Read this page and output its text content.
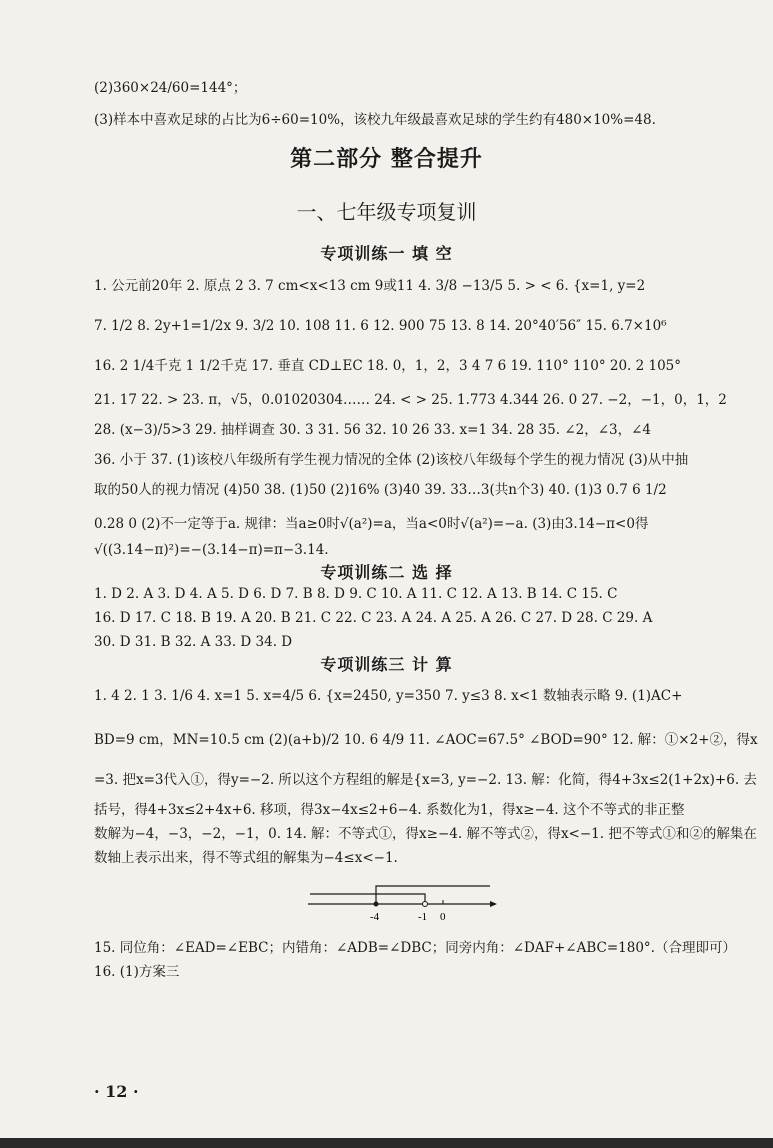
(2)360×24/60=144°；
(3)样本中喜欢足球的占比为6÷60=10%，该校九年级最喜欢足球的学生约有480×10%=48.
第二部分 整合提升
一、七年级专项复训
专项训练一 填 空
1. 公元前20年 2. 原点 2 3. 7 cm<x<13 cm 9或11 4. 3/8 −13/5 5. > < 6. {x=1, y=2
7. 1/2 8. 2y+1=1/2x 9. 3/2 10. 108 11. 6 12. 900 75 13. 8 14. 20°40′56″ 15. 6.7×10⁶
16. 2 1/4千克 1 1/2千克 17. 垂直 CD⊥EC 18. 0，1，2，3 4 7 6 19. 110° 110° 20. 2 105°
21. 17 22. > 23. π，√5，0.01020304…… 24. < > 25. 1.773 4.344 26. 0 27. −2，−1，0，1，2
28. (x−3)/5>3 29. 抽样调查 30. 3 31. 56 32. 10 26 33. x=1 34. 28 35. ∠2，∠3，∠4
36. 小于 37. (1)该校八年级所有学生视力情况的全体 (2)该校八年级每个学生的视力情况 (3)从中抽
取的50人的视力情况 (4)50 38. (1)50 (2)16% (3)40 39. 33…3(共n个3) 40. (1)3 0.7 6 1/2
0.28 0 (2)不一定等于a. 规律：当a≥0时√(a²)=a，当a<0时√(a²)=−a. (3)由3.14−π<0得
√((3.14−π)²)=−(3.14−π)=π−3.14.
专项训练二 选 择
1. D 2. A 3. D 4. A 5. D 6. D 7. B 8. D 9. C 10. A 11. C 12. A 13. B 14. C 15. C
16. D 17. C 18. B 19. A 20. B 21. C 22. C 23. A 24. A 25. A 26. C 27. D 28. C 29. A
30. D 31. B 32. A 33. D 34. D
专项训练三 计 算
1. 4 2. 1 3. 1/6 4. x=1 5. x=4/5 6. {x=2450, y=350 7. y≤3 8. x<1 数轴表示略 9. (1)AC+
BD=9 cm，MN=10.5 cm (2)(a+b)/2 10. 6 4/9 11. ∠AOC=67.5° ∠BOD=90° 12. 解：①×2+②，得x
=3. 把x=3代入①，得y=−2. 所以这个方程组的解是{x=3, y=−2. 13. 解：化简，得4+3x≤2(1+2x)+6. 去
括号，得4+3x≤2+4x+6. 移项，得3x−4x≤2+6−4. 系数化为1，得x≥−4. 这个不等式的非正整
数解为−4，−3，−2，−1，0. 14. 解：不等式①，得x≥−4. 解不等式②，得x<−1. 把不等式①和②的解集在
数轴上表示出来，得不等式组的解集为−4≤x<−1.
-4	-1 0
15. 同位角：∠EAD=∠EBC；内错角：∠ADB=∠DBC；同旁内角：∠DAF+∠ABC=180°.（合理即可）
16. (1)方案三
· 12 ·
